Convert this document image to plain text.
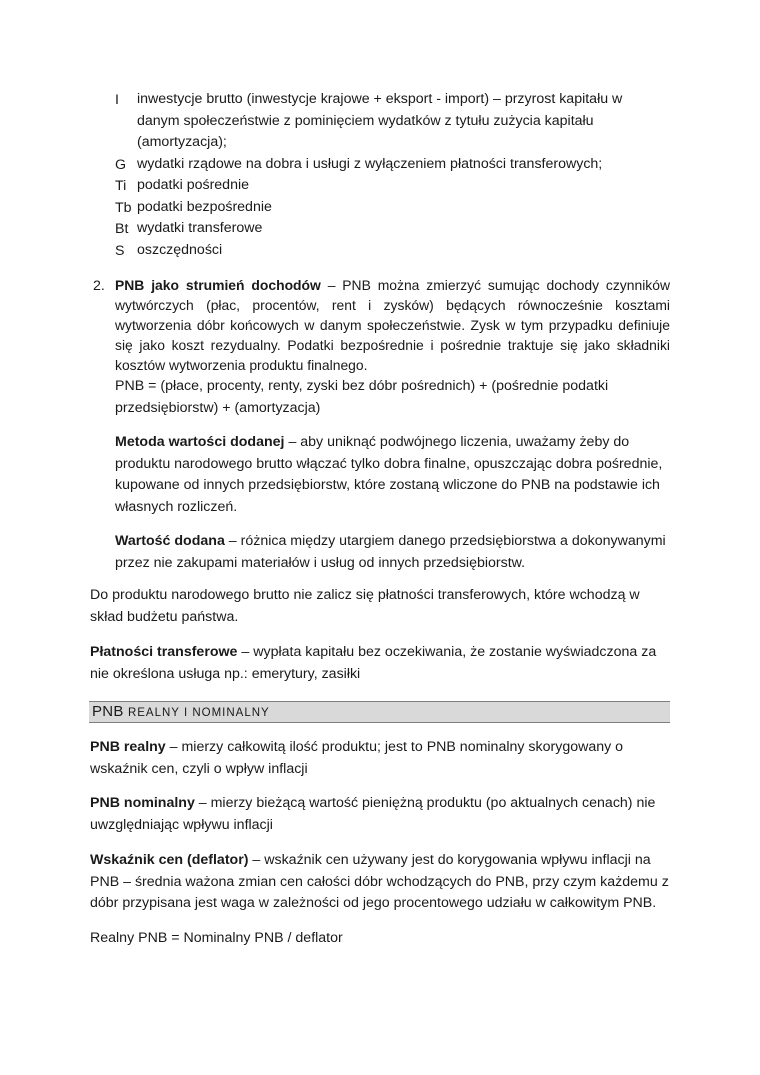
I inwestycje brutto (inwestycje krajowe + eksport - import) – przyrost kapitału w danym społeczeństwie z pominięciem wydatków z tytułu zużycia kapitału (amortyzacja);
G wydatki rządowe na dobra i usługi z wyłączeniem płatności transferowych;
Ti podatki pośrednie
Tb podatki bezpośrednie
Bt wydatki transferowe
S oszczędności
2. PNB jako strumień dochodów – PNB można zmierzyć sumując dochody czynników wytwórczych (płac, procentów, rent i zysków) będących równocześnie kosztami wytworzenia dóbr końcowych w danym społeczeństwie. Zysk w tym przypadku definiuje się jako koszt rezydualny. Podatki bezpośrednie i pośrednie traktuje się jako składniki kosztów wytworzenia produktu finalnego.
PNB = (płace, procenty, renty, zyski bez dóbr pośrednich) + (pośrednie podatki przedsiębiorstw) + (amortyzacja)
Metoda wartości dodanej – aby uniknąć podwójnego liczenia, uważamy żeby do produktu narodowego brutto włączać tylko dobra finalne, opuszczając dobra pośrednie, kupowane od innych przedsiębiorstw, które zostaną wliczone do PNB na podstawie ich własnych rozliczeń.
Wartość dodana – różnica między utargiem danego przedsiębiorstwa a dokonywanymi przez nie zakupami materiałów i usług od innych przedsiębiorstw.
Do produktu narodowego brutto nie zalicz się płatności transferowych, które wchodzą w skład budżetu państwa.
Płatności transferowe – wypłata kapitału bez oczekiwania, że zostanie wyświadczona za nie określona usługa np.: emerytury, zasiłki
PNB REALNY I NOMINALNY
PNB realny – mierzy całkowitą ilość produktu; jest to PNB nominalny skorygowany o wskaźnik cen, czyli o wpływ inflacji
PNB nominalny – mierzy bieżącą wartość pieniężną produktu (po aktualnych cenach) nie uwzględniając wpływu inflacji
Wskaźnik cen (deflator) – wskaźnik cen używany jest do korygowania wpływu inflacji na PNB – średnia ważona zmian cen całości dóbr wchodzących do PNB, przy czym każdemu z dóbr przypisana jest waga w zależności od jego procentowego udziału w całkowitym PNB.
Realny PNB = Nominalny PNB / deflator
